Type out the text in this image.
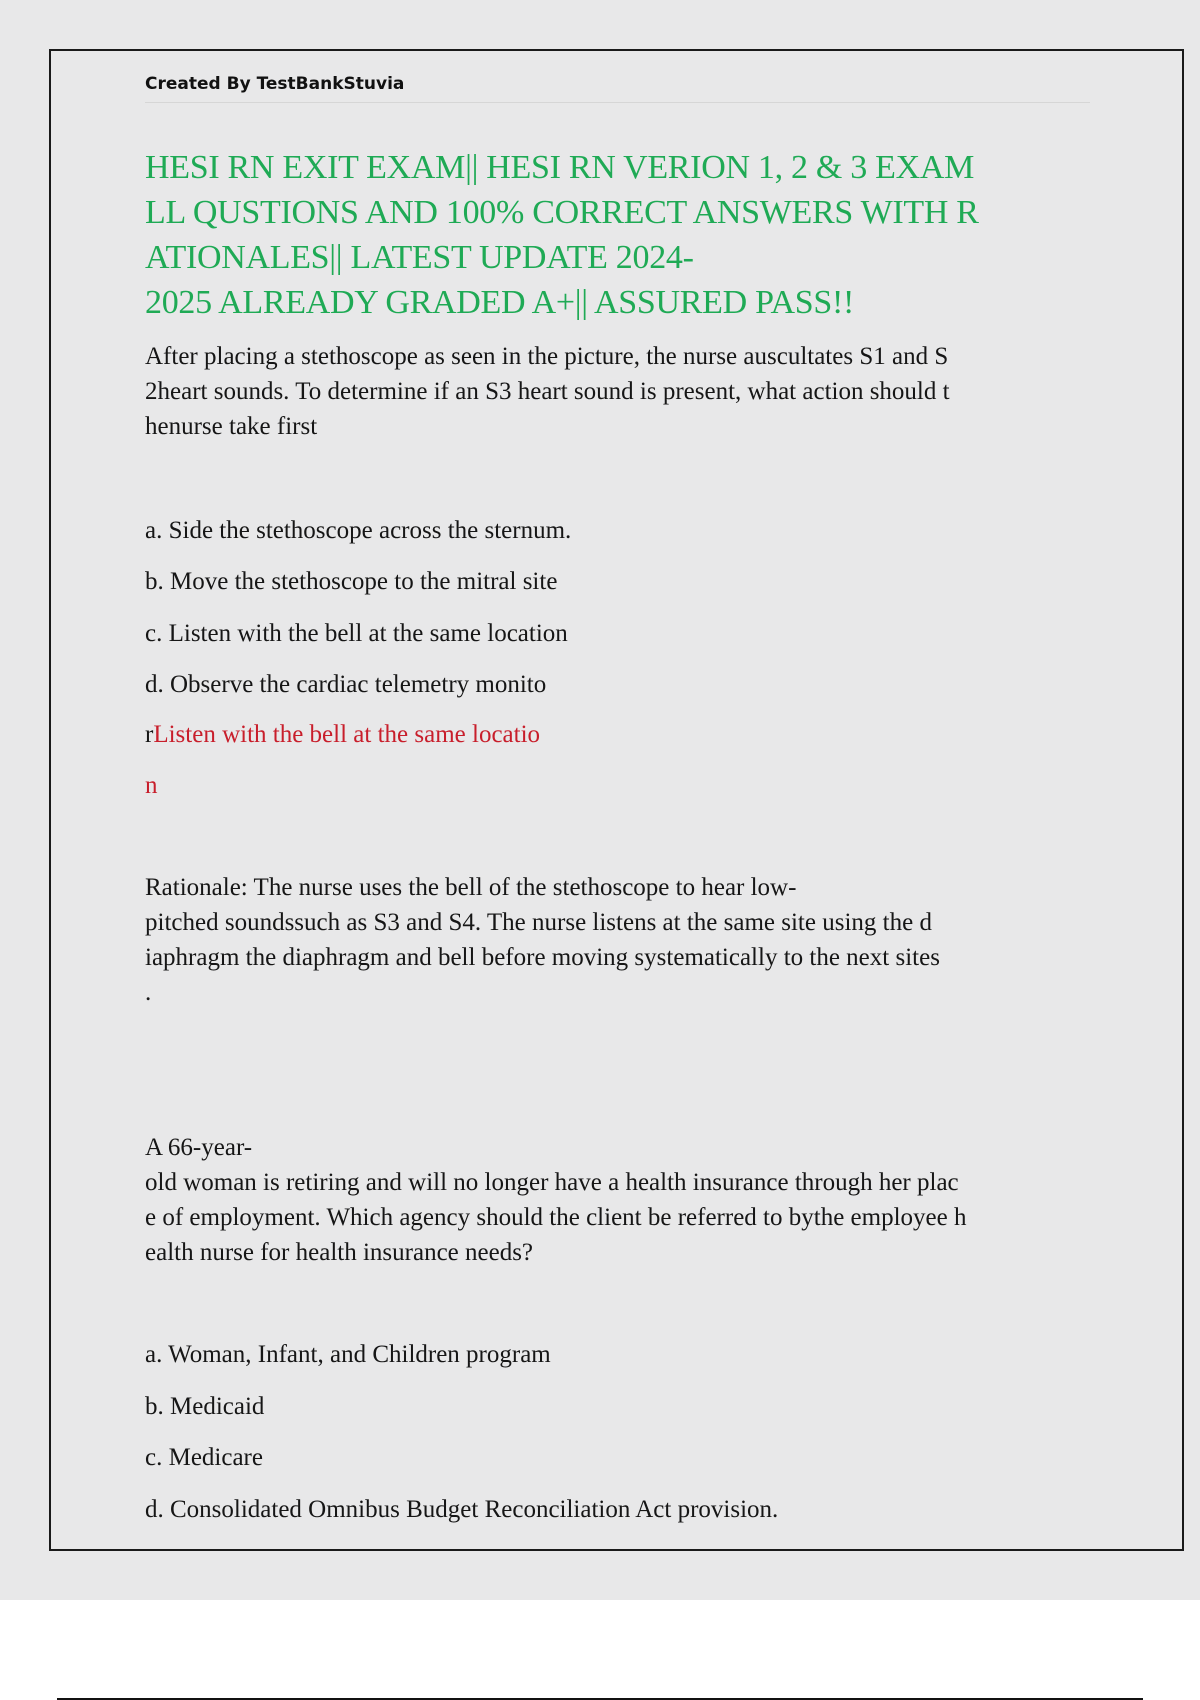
Created By TestBankStuvia
HESI RN EXIT EXAM|| HESI RN VERION 1, 2 & 3 EXAM
LL QUSTIONS AND 100% CORRECT ANSWERS WITH R
ATIONALES|| LATEST UPDATE 2024-
2025 ALREADY GRADED A+|| ASSURED PASS!!
After placing a stethoscope as seen in the picture, the nurse auscultates S1 and S
2heart sounds. To determine if an S3 heart sound is present, what action should t
henurse take first
a. Side the stethoscope across the sternum.
b. Move the stethoscope to the mitral site
c. Listen with the bell at the same location
d. Observe the cardiac telemetry monito
rListen with the bell at the same locatio
n
Rationale: The nurse uses the bell of the stethoscope to hear low-
pitched soundssuch as S3 and S4. The nurse listens at the same site using the d
iaphragm the diaphragm and bell before moving systematically to the next sites
.
A 66-year-
old woman is retiring and will no longer have a health insurance through her plac
e of employment. Which agency should the client be referred to bythe employee h
ealth nurse for health insurance needs?
a. Woman, Infant, and Children program
b. Medicaid
c. Medicare
d. Consolidated Omnibus Budget Reconciliation Act provision.
